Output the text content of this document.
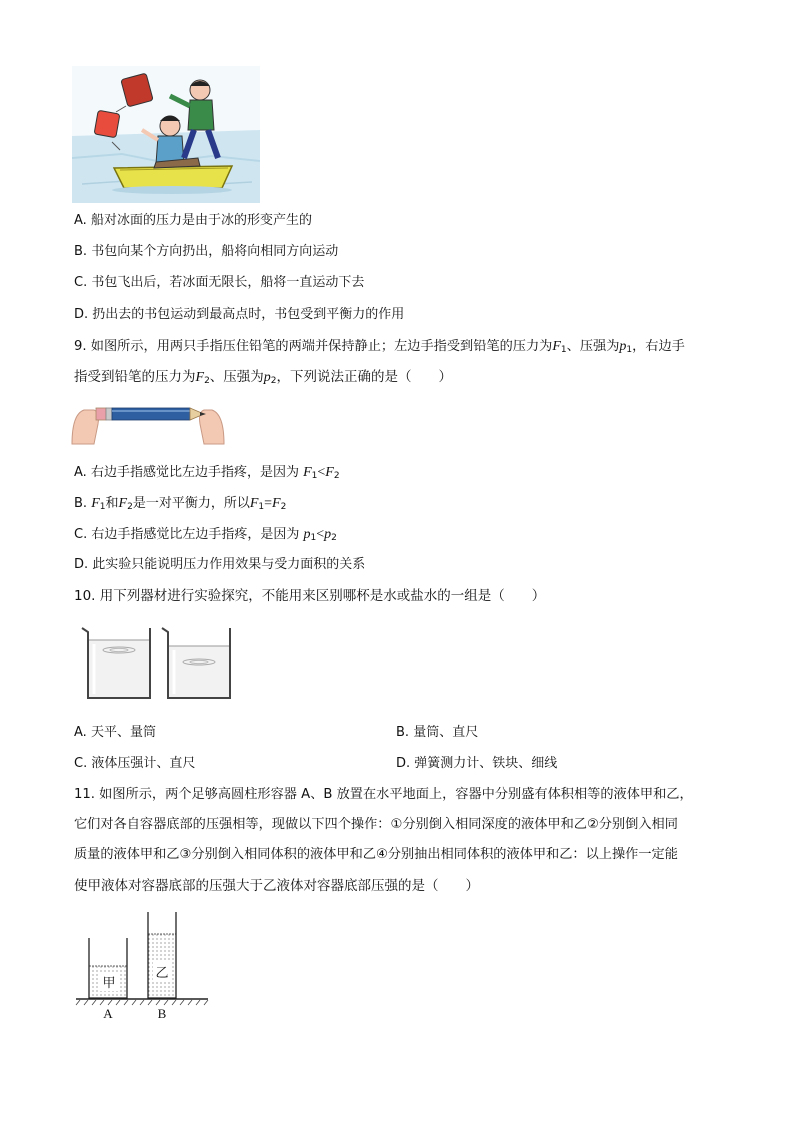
A. 船对冰面的压力是由于冰的形变产生的
B. 书包向某个方向扔出，船将向相同方向运动
C. 书包飞出后，若冰面无限长，船将一直运动下去
D. 扔出去的书包运动到最高点时，书包受到平衡力的作用
9. 如图所示，用两只手指压住铅笔的两端并保持静止；左边手指受到铅笔的压力为$F_1$、压强为$p_1$，右边手
指受到铅笔的压力为$F_2$、压强为$p_2$，下列说法正确的是（　　）
A. 右边手指感觉比左边手指疼，是因为 $F_1<F_2$
B. $F_1$和$F_2$是一对平衡力，所以$F_1=F_2$
C. 右边手指感觉比左边手指疼，是因为 $p_1<p_2$
D. 此实验只能说明压力作用效果与受力面积的关系
10. 用下列器材进行实验探究，不能用来区别哪杯是水或盐水的一组是（　　）
A. 天平、量筒	B. 量筒、直尺
C. 液体压强计、直尺	D. 弹簧测力计、铁块、细线
11. 如图所示，两个足够高圆柱形容器 A、B 放置在水平地面上，容器中分别盛有体积相等的液体甲和乙，
它们对各自容器底部的压强相等，现做以下四个操作：①分别倒入相同深度的液体甲和乙②分别倒入相同
质量的液体甲和乙③分别倒入相同体积的液体甲和乙④分别抽出相同体积的液体甲和乙：以上操作一定能
使甲液体对容器底部的压强大于乙液体对容器底部压强的是（　　）
甲
乙
A	B
